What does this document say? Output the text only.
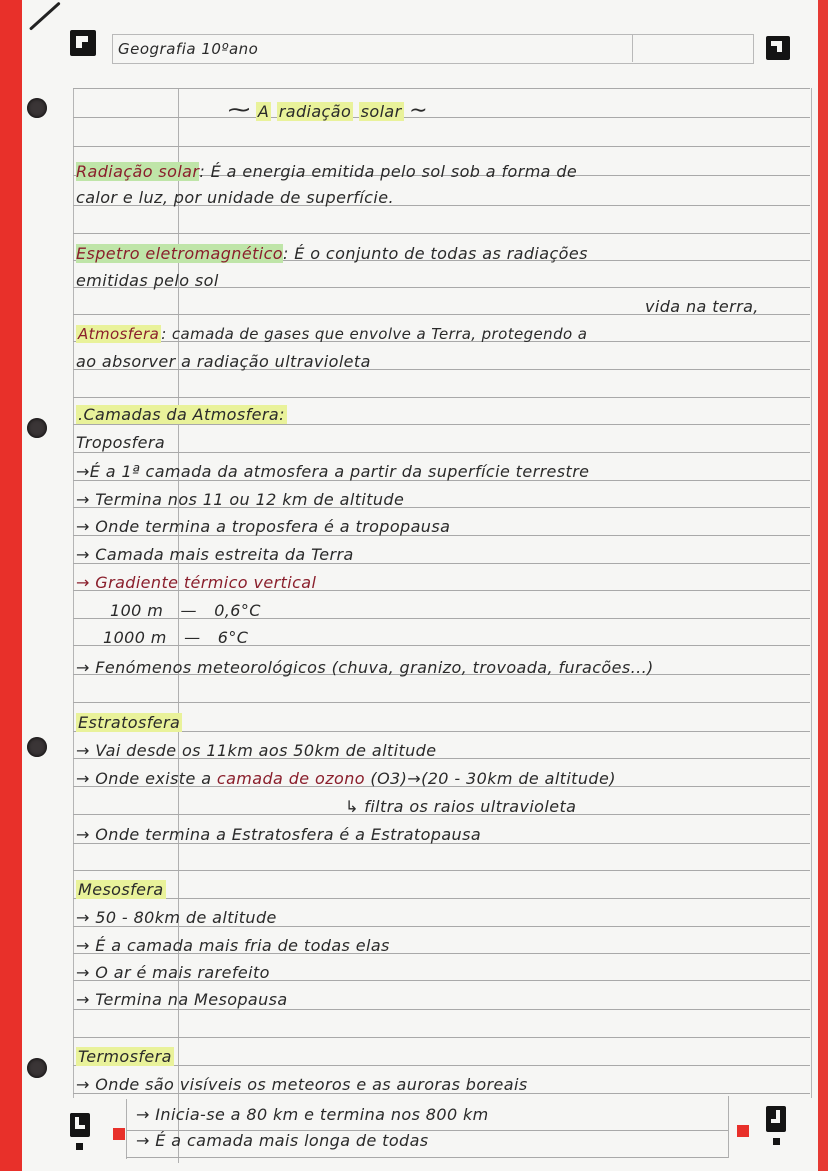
Geografia 10ºano
⁓ A radiação solar ∼
Radiação solar: É a energia emitida pelo sol sob a forma de
calor e luz, por unidade de superfície.
Espetro eletromagnético: É o conjunto de todas as radiações
emitidas pelo sol
vida na terra,
Atmosfera : camada de gases que envolve a Terra, protegendo a
ao absorver a radiação ultravioleta
.Camadas da Atmosfera:
Troposfera
→É a 1ª camada da atmosfera a partir da superfície terrestre
→ Termina nos 11 ou 12 km de altitude
→ Onde termina a troposfera é a tropopausa
→ Camada mais estreita da Terra
→ Gradiente térmico vertical
100 m — 0,6°C
1000 m — 6°C
→ Fenómenos meteorológicos (chuva, granizo, trovoada, furacões...)
Estratosfera
→ Vai desde os 11km aos 50km de altitude
→ Onde existe a camada de ozono (O3)→(20 - 30km de altitude)
↳ filtra os raios ultravioleta
→ Onde termina a Estratosfera é a Estratopausa
Mesosfera
→ 50 - 80km de altitude
→ É a camada mais fria de todas elas
→ O ar é mais rarefeito
→ Termina na Mesopausa
Termosfera
→ Onde são visíveis os meteoros e as auroras boreais
→ Inicia-se a 80 km e termina nos 800 km
→ É a camada mais longa de todas
